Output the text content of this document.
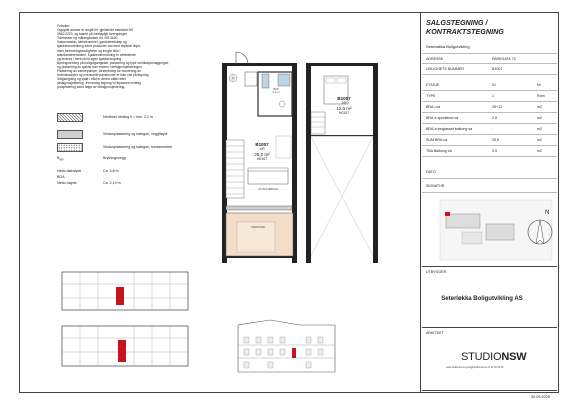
Fotnoter:
Oppgitte arealer er angitt iht. gjeldende standard NS
3940:2023, og basert på foreløpige beregninger.
Toleranser og målangivelser iht. NS 3420.
Vaskemaskin, tørketrommel, gardinbrettskap og
kjøkkeninnredning samt produkter vist med stiplede linjer,
viser innredningsmuligheter og inngår ikke i
standardleveransen. Kjøkkeninnredning er veiledende
og leveres i henhold til egen kjøkkentegning.
Åpningsretning på boligutgangsdør, plassering og type ventilasjonsaggregat,
og plassering av sjakter kan endres i detaljprosjekteringen.
Plassering av varmepumpe, forsterkning for montering av
forbrukssøyler og eventuelle panelovner er ikke vist på tegning.
Salgstegning og sjakt i tråd er derfor utført etter
detaljprosjektering. Innvendig tegning vil tilpasses endelig
prosjektering samt følge av detaljprosjektering.
Nedforet himling h = min. 2,2 m
Vindusplassering og kategori, veggfløyte
Vindusplassering og kategori, fundamentert
$B_{HW}$
Brytningsvegg
Netto takhøyde	Ca. 4,8 m
BOA
Netto høyde	Ca. 2,19 m
B1007
1/R
25,0 m²
H0107
B1007
1/R
12,0 m²
H0107
BAD
3,1 m²
STUE/KJØKKEN
TERRASSE
SALGSTEGNING /
KONTRAKTSTEGNING
Seterløkka Boligutvikling
ADRESSE	PARKGATA 73
LEILIGHETS NUMMER	B1007
ETASJE	01	Nr
TYPE	1	Rom
BRA-i ca	25+12	m2
BRA-e sportsbod ca	2,5	m2
BRA-b innglasset balkong ca	-	m2
SUM BRA ca	39,5	m2
TBA Balkong ca	9,5	m2
DATO
SIGNATUR
N
UTBYGGER
Seterløkka Boligutvikling AS
ARKITEKT
STUDIONSW
www.studionsw.no post@studionsw.no tlf: 22 00 00 00
30.05.2025
